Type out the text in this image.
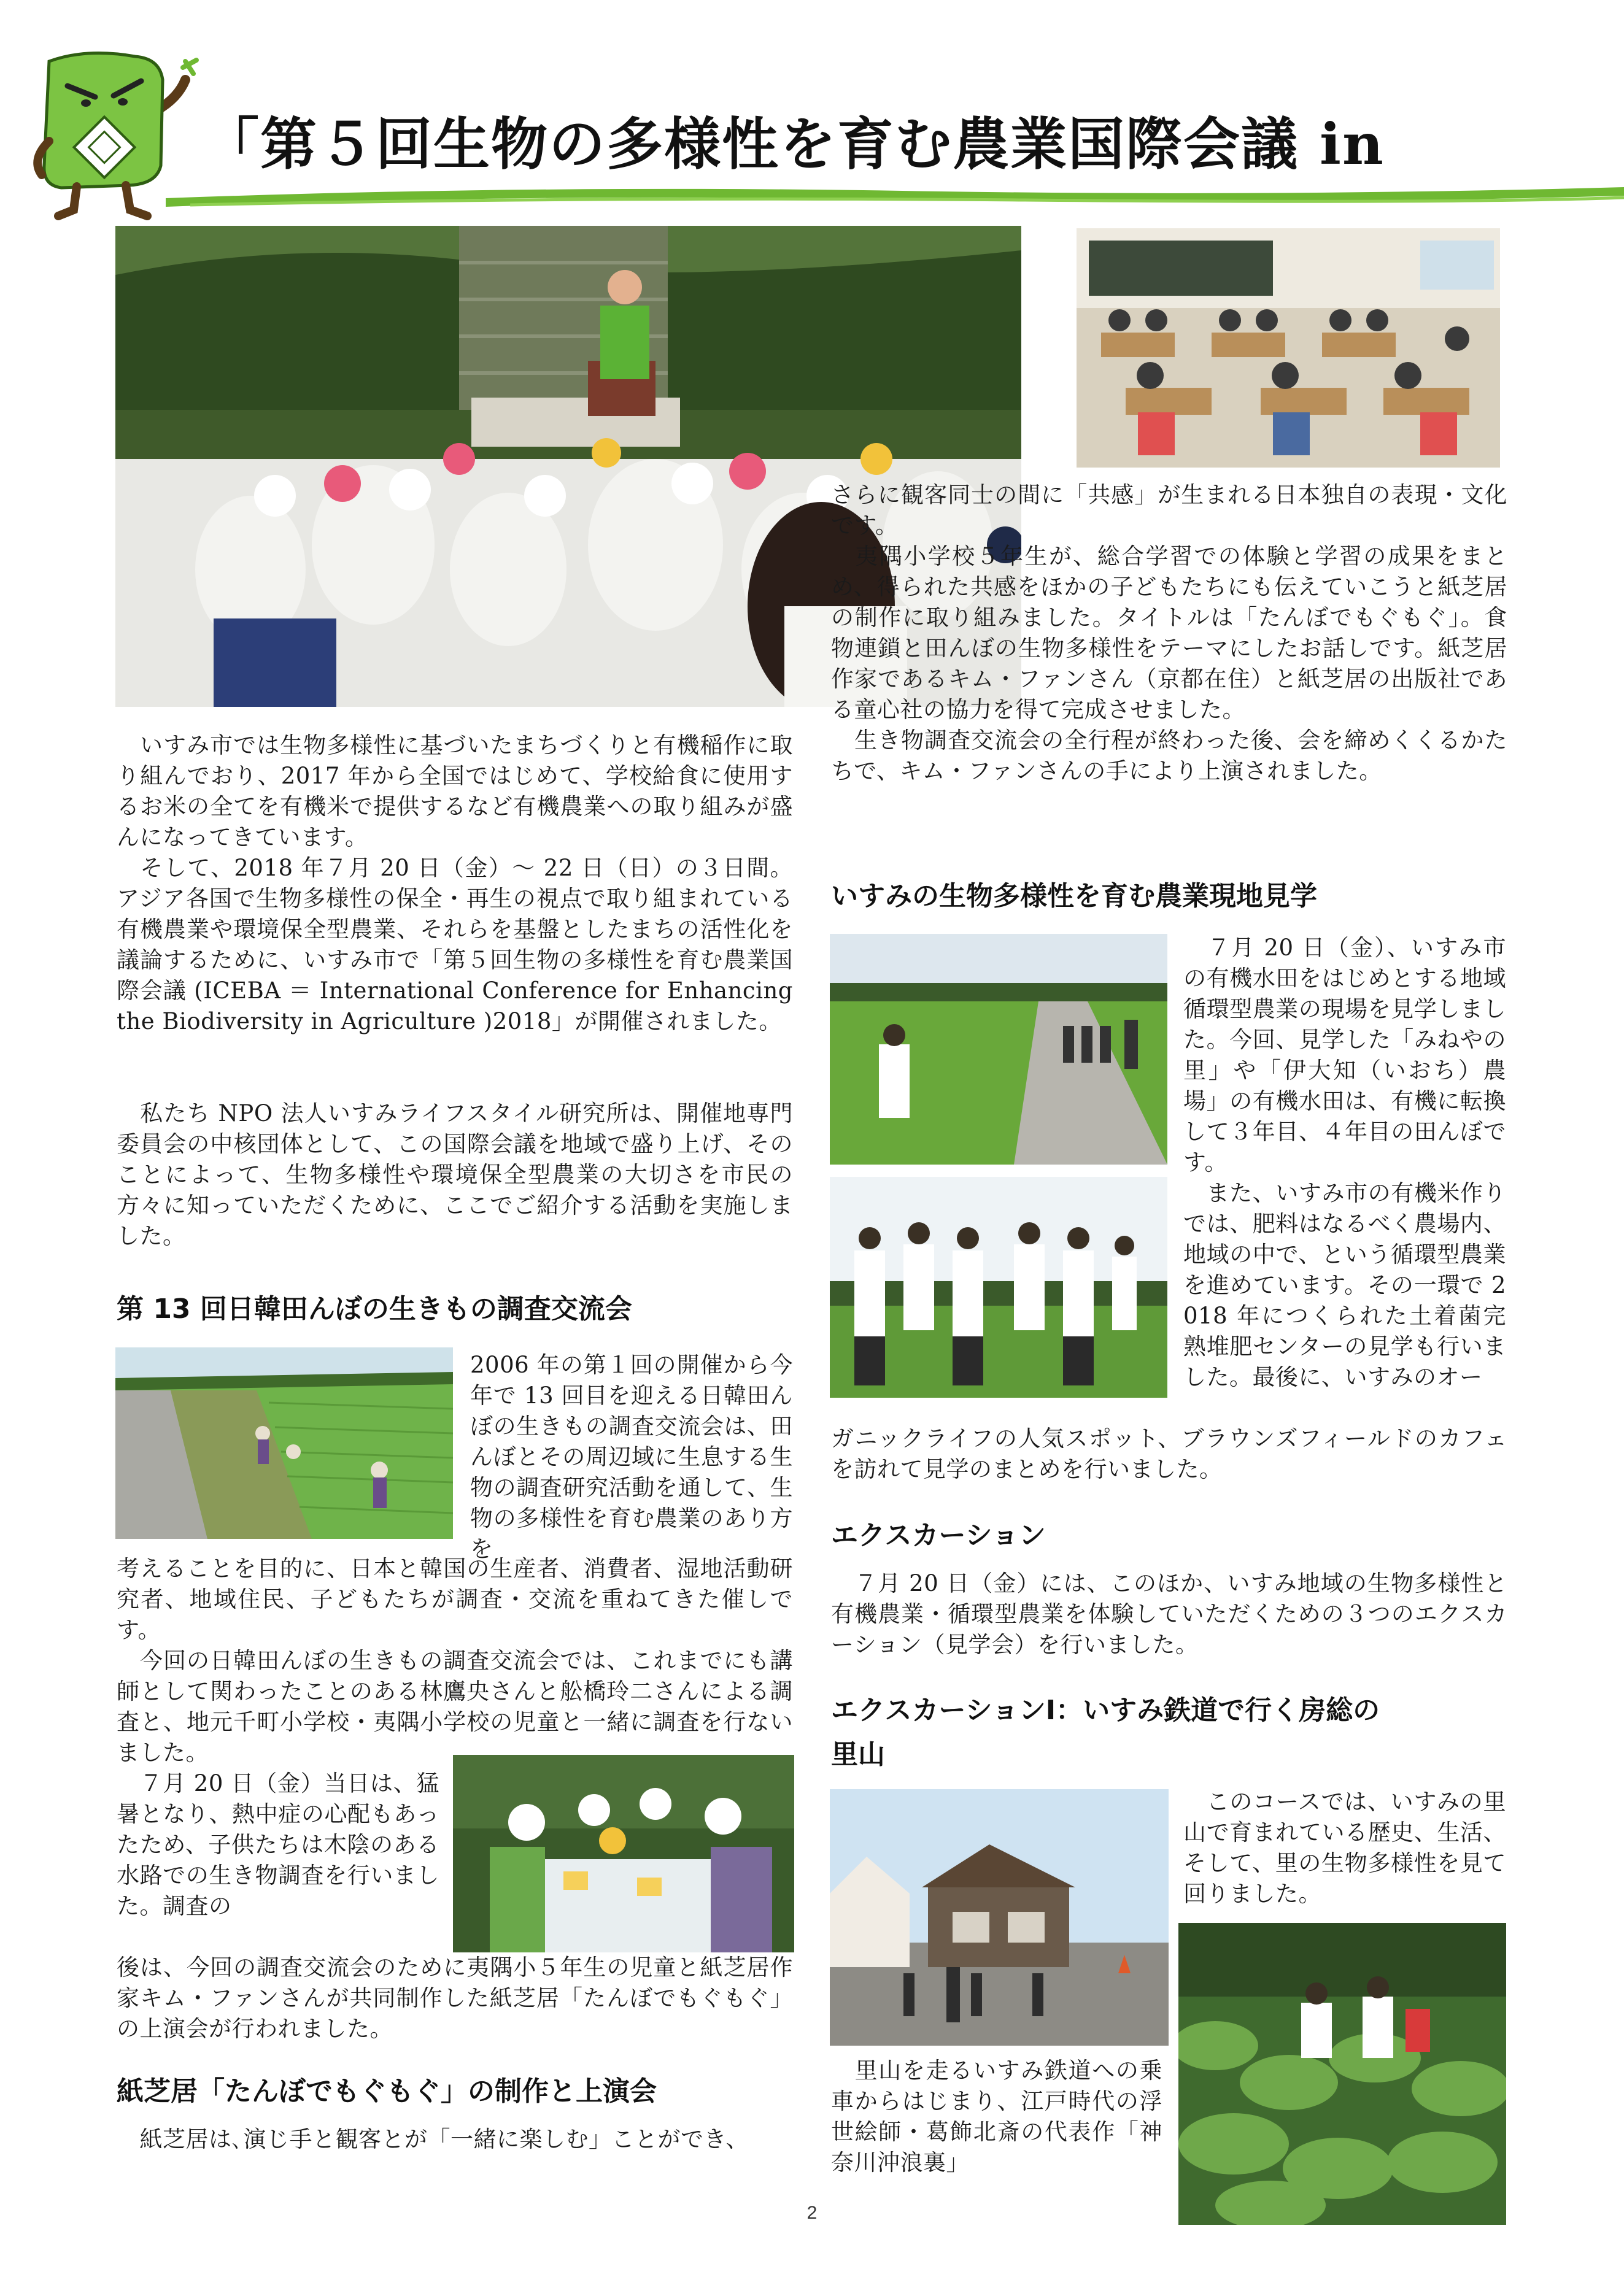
「第５回生物の多様性を育む農業国際会議 in

　いすみ市では生物多様性に基づいたまちづくりと有機稲作に取り組んでおり、2017 年から全国ではじめて、学校給食に使用するお米の全てを有機米で提供するなど有機農業への取り組みが盛んになってきています。
　そして、2018 年７月 20 日（金）～ 22 日（日）の３日間。アジア各国で生物多様性の保全・再生の視点で取り組まれている有機農業や環境保全型農業、それらを基盤としたまちの活性化を議論するために、いすみ市で「第５回生物の多様性を育む農業国際会議 (ICEBA ＝ International Conference for Enhancing the Biodiversity in Agriculture )2018」が開催されました。

　私たち NPO 法人いすみライフスタイル研究所は、開催地専門委員会の中核団体として、この国際会議を地域で盛り上げ、そのことによって、生物多様性や環境保全型農業の大切さを市民の方々に知っていただくために、ここでご紹介する活動を実施しました。

第 13 回日韓田んぼの生きもの調査交流会

2006 年の第１回の開催から今年で 13 回目を迎える日韓田んぼの生きもの調査交流会は、田んぼとその周辺域に生息する生物の調査研究活動を通して、生物の多様性を育む農業のあり方を

考えることを目的に、日本と韓国の生産者、消費者、湿地活動研究者、地域住民、子どもたちが調査・交流を重ねてきた催しです。
　今回の日韓田んぼの生きもの調査交流会では、これまでにも講師として関わったことのある林鷹央さんと舩橋玲二さんによる調査と、地元千町小学校・夷隅小学校の児童と一緒に調査を行ないました。

　７月 20 日（金）当日は、猛暑となり、熱中症の心配もあったため、子供たちは木陰のある水路での生き物調査を行いました。調査の

後は、今回の調査交流会のために夷隅小５年生の児童と紙芝居作家キム・ファンさんが共同制作した紙芝居「たんぼでもぐもぐ」の上演会が行われました。

紙芝居「たんぼでもぐもぐ」の制作と上演会

　紙芝居は､演じ手と観客とが「一緒に楽しむ」ことができ、

さらに観客同士の間に「共感」が生まれる日本独自の表現・文化です。
　夷隅小学校５年生が、総合学習での体験と学習の成果をまとめ、得られた共感をほかの子どもたちにも伝えていこうと紙芝居の制作に取り組みました。タイトルは「たんぼでもぐもぐ」。食物連鎖と田んぼの生物多様性をテーマにしたお話しです。紙芝居作家であるキム・ファンさん（京都在住）と紙芝居の出版社である童心社の協力を得て完成させました。
　生き物調査交流会の全行程が終わった後、会を締めくくるかたちで、キム・ファンさんの手により上演されました。

いすみの生物多様性を育む農業現地見学

　７月 20 日（金）、いすみ市の有機水田をはじめとする地域循環型農業の現場を見学しました。今回、見学した「みねやの里」や「伊大知（いおち）農場」の有機水田は、有機に転換して３年目、４年目の田んぼです。
　また、いすみ市の有機米作りでは、肥料はなるべく農場内、地域の中で、という循環型農業を進めています。その一環で 2018 年につくられた土着菌完熟堆肥センターの見学も行いました。最後に、いすみのオー

ガニックライフの人気スポット、ブラウンズフィールドのカフェを訪れて見学のまとめを行いました。

エクスカーション

　７月 20 日（金）には、このほか、いすみ地域の生物多様性と有機農業・循環型農業を体験していただくための３つのエクスカーション（見学会）を行いました。

エクスカーションⅠ：いすみ鉄道で行く房総の
里山

　このコースでは、いすみの里山で育まれている歴史、生活、そして、里の生物多様性を見て回りました。

　里山を走るいすみ鉄道への乗車からはじまり、江戸時代の浮世絵師・葛飾北斎の代表作「神奈川沖浪裏」

2
